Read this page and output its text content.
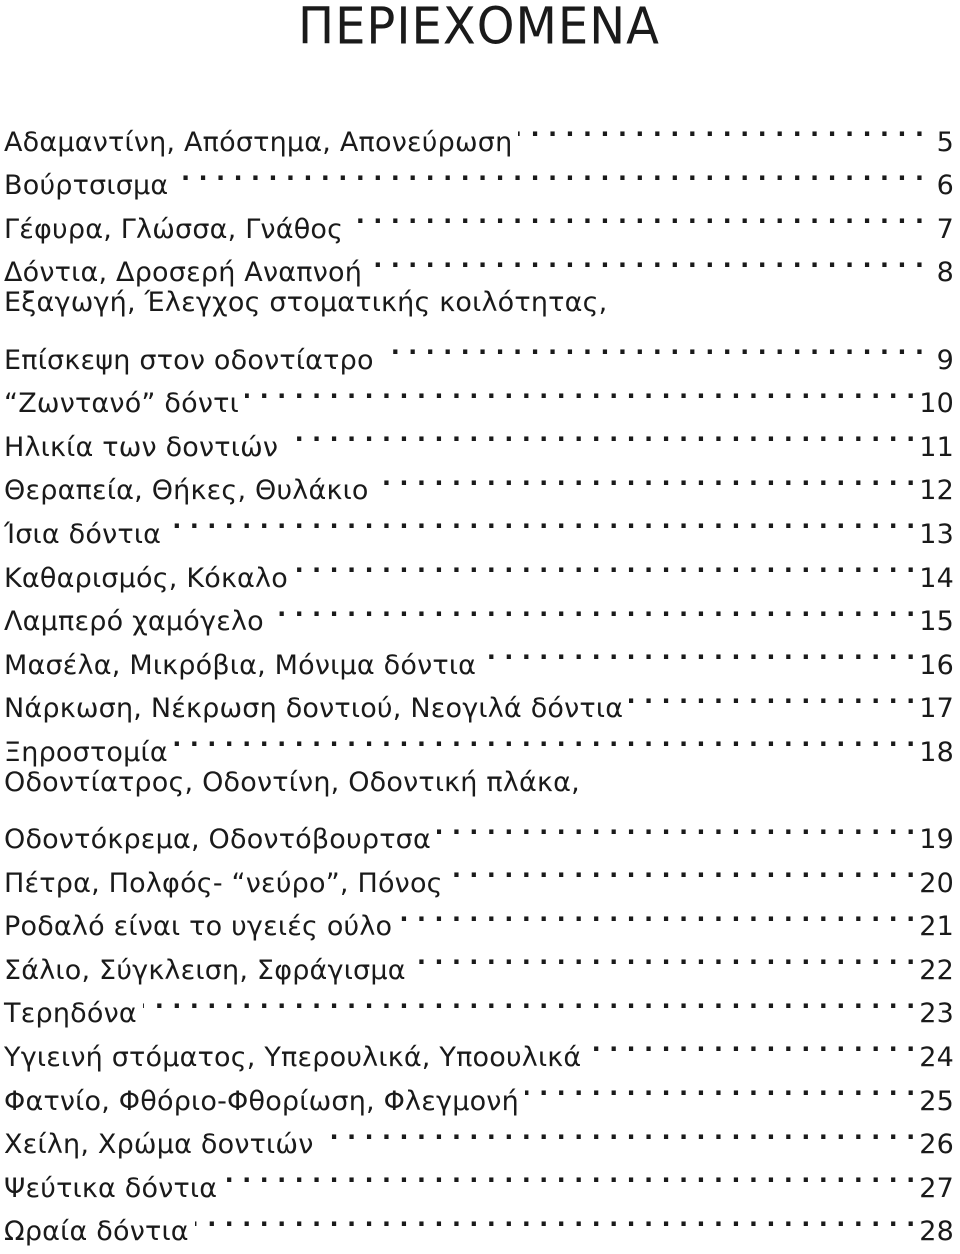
ΠΕΡΙΕΧΟΜΕΝΑ
Αδαμαντίνη, Απόστημα, Απονεύρωση . . .	5
Βούρτσισμα . . .	6
Γέφυρα, Γλώσσα, Γνάθος . . .	7
Δόντια, Δροσερή Αναπνοή . . .	8
Εξαγωγή, Έλεγχος στοματικής κοιλότητας,
Επίσκεψη στον οδοντίατρο . . .	9
“Ζωντανό” δόντι . . .	10
Ηλικία των δοντιών . . .	11
Θεραπεία, Θήκες, Θυλάκιο . . .	12
Ίσια δόντια . . .	13
Καθαρισμός, Κόκαλο . . .	14
Λαμπερό χαμόγελο . . .	15
Μασέλα, Μικρόβια, Μόνιμα δόντια . . .	16
Νάρκωση, Νέκρωση δοντιού, Νεογιλά δόντια . . .	17
Ξηροστομία . . .	18
Οδοντίατρος, Οδοντίνη, Οδοντική πλάκα,
Οδοντόκρεμα, Οδοντόβουρτσα . . .	19
Πέτρα, Πολφός- “νεύρο”, Πόνος . . .	20
Ροδαλό είναι το υγειές ούλο . . .	21
Σάλιο, Σύγκλειση, Σφράγισμα . . .	22
Τερηδόνα . . .	23
Υγιεινή στόματος, Υπερουλικά, Υποουλικά . . .	24
Φατνίο, Φθόριο-Φθορίωση, Φλεγμονή . . .	25
Χείλη, Χρώμα δοντιών . . .	26
Ψεύτικα δόντια . . .	27
Ωραία δόντια . . .	28
